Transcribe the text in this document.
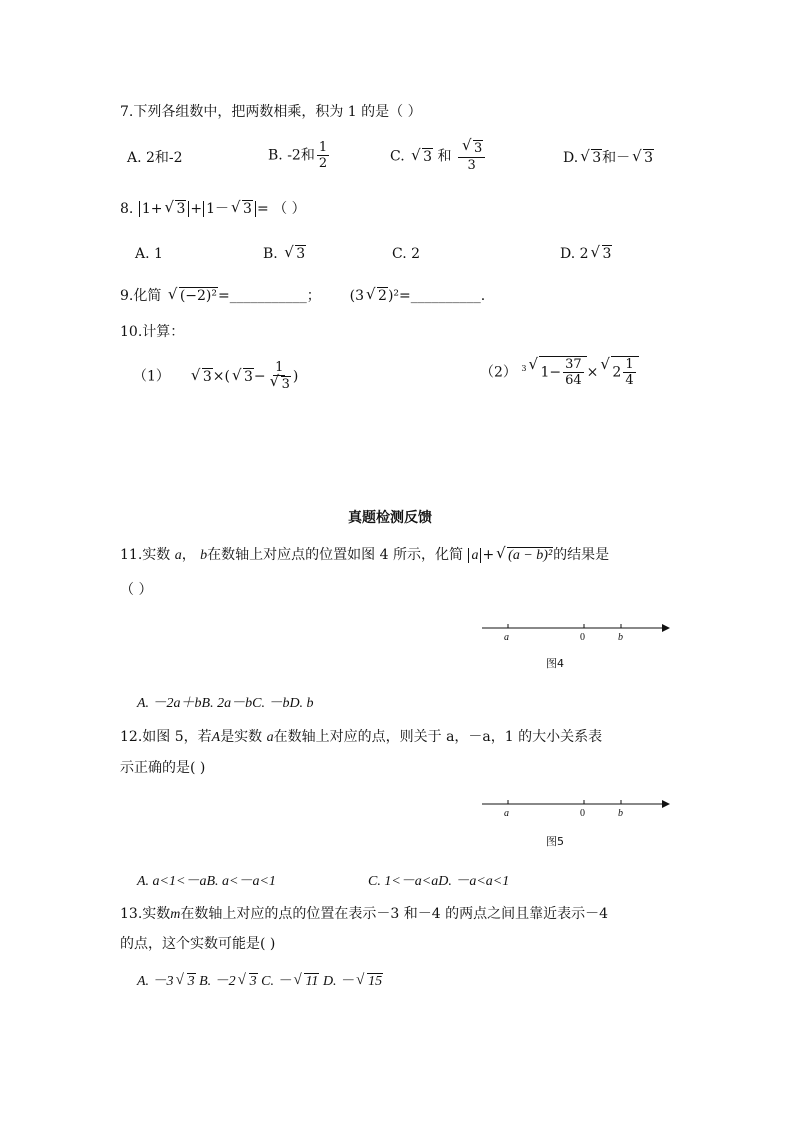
7.下列各组数中，把两数相乘，积为 1 的是（ ）
A. 2和-2	B. -2和 $\frac{1}{2}$	C. √ 3 和 √ $\frac{3}{3}$	D. √ 3和－ √ 3
8. 1+ √ 3 + 1－ √ 3 = （ ）
A. 1	B. √ 3	C. 2	D. 2 √ 3
9.化简 √ (−2)²=___________； (3 √ 2)²=__________.
10.计算：
（1） √ 3×( √ 3− 1
√ 3 )	（2） $^3$ √ $1- \frac{37}{64}$ × √ $2 \frac{1}{4}$
真题检测反馈
11.实数 a， b在数轴上对应点的位置如图 4 所示，化简 a + √ (a − b)²的结果是
（ ）
a	0	b
图4
A. －2a＋bB. 2a－bC. －bD. b
12.如图 5，若A是实数 a在数轴上对应的点，则关于 a，－a，1 的大小关系表
示正确的是( )
a	0	b
图5
A. a<1<－aB. a<－a<1	C. 1<－a<aD. －a<a<1
13.实数m在数轴上对应的点的位置在表示－3 和－4 的两点之间且靠近表示－4
的点，这个实数可能是( )
A. －3 √ 3 B. －2 √ 3 C. － √ 11 D. － √ 15
